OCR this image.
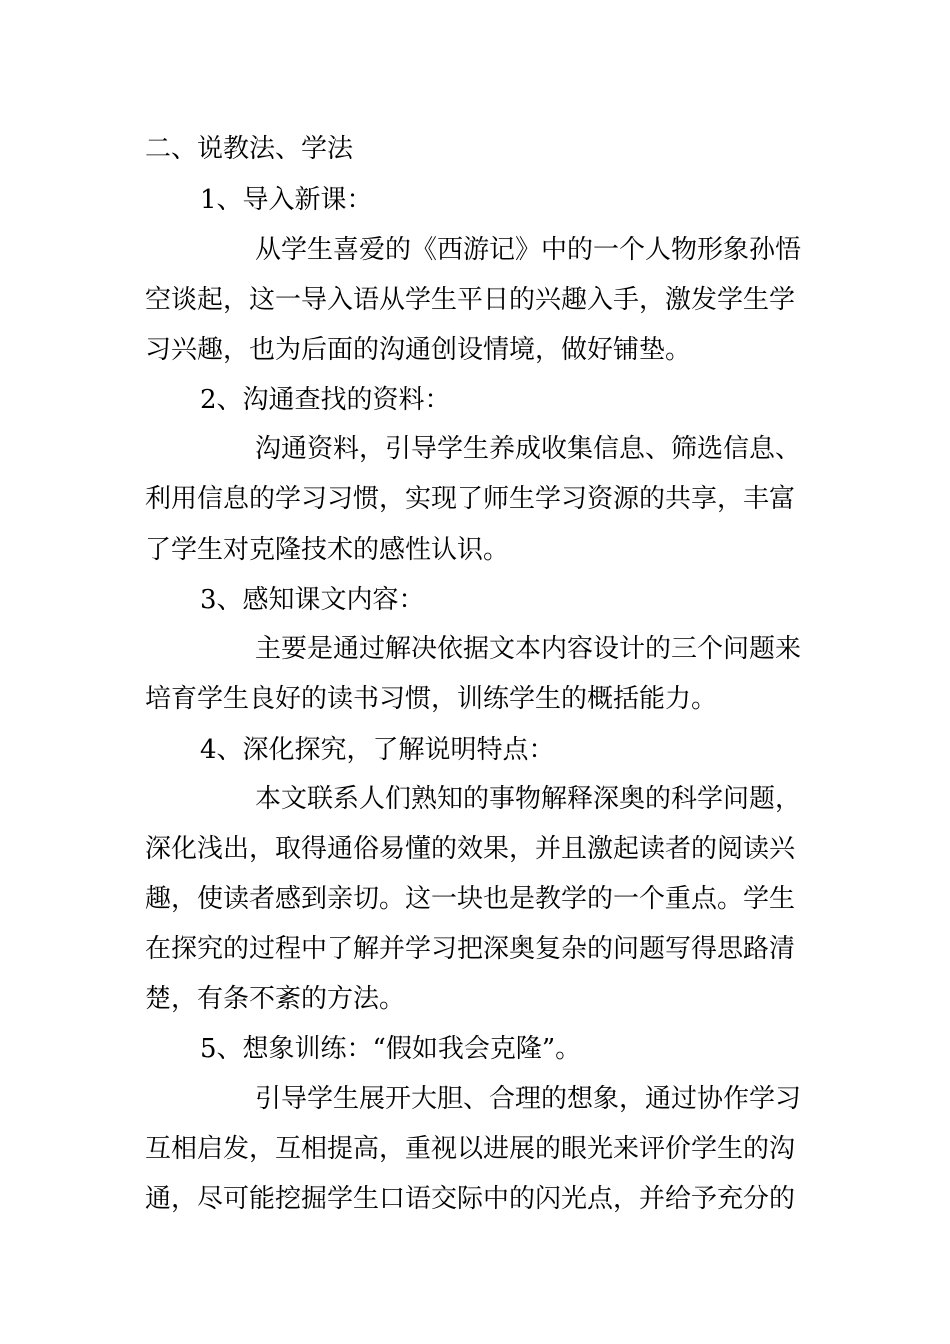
二、说教法、学法
1、导入新课：
从学生喜爱的《西游记》中的一个人物形象孙悟
空谈起，这一导入语从学生平日的兴趣入手，激发学生学
习兴趣，也为后面的沟通创设情境，做好铺垫。
2、沟通查找的资料：
沟通资料，引导学生养成收集信息、筛选信息、
利用信息的学习习惯，实现了师生学习资源的共享，丰富
了学生对克隆技术的感性认识。
3、感知课文内容：
主要是通过解决依据文本内容设计的三个问题来
培育学生良好的读书习惯，训练学生的概括能力。
4、深化探究，了解说明特点：
本文联系人们熟知的事物解释深奥的科学问题，
深化浅出，取得通俗易懂的效果，并且激起读者的阅读兴
趣，使读者感到亲切。这一块也是教学的一个重点。学生
在探究的过程中了解并学习把深奥复杂的问题写得思路清
楚，有条不紊的方法。
5、想象训练：“假如我会克隆”。
引导学生展开大胆、合理的想象，通过协作学习
互相启发，互相提高，重视以进展的眼光来评价学生的沟
通，尽可能挖掘学生口语交际中的闪光点，并给予充分的
